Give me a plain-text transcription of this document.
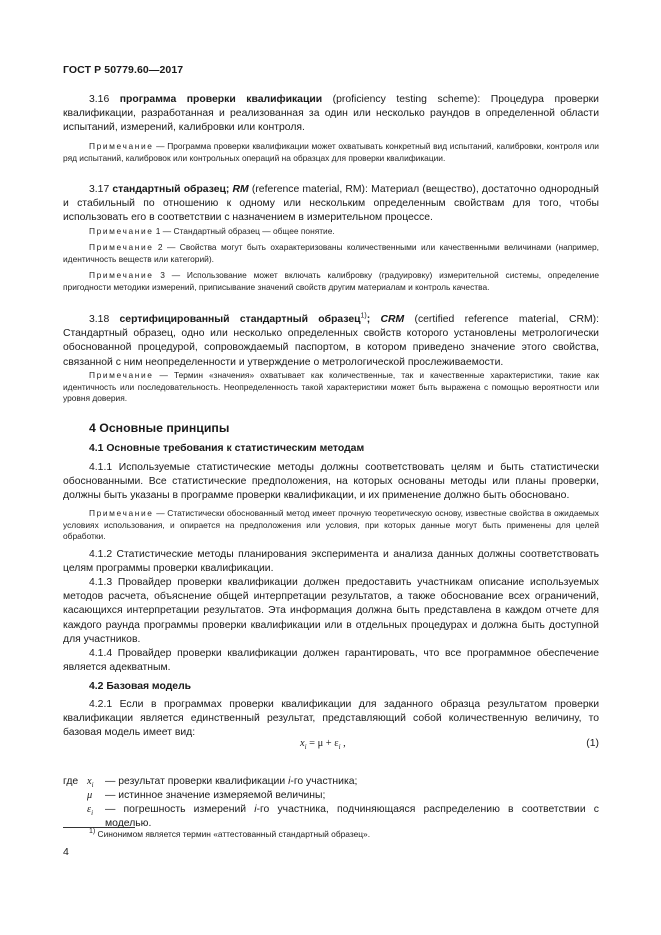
ГОСТ Р 50779.60—2017

3.16 программа проверки квалификации (proficiency testing scheme): Процедура проверки квалификации, разработанная и реализованная за один или несколько раундов в определенной области испытаний, измерений, калибровки или контроля.

Примечание — Программа проверки квалификации может охватывать конкретный вид испытаний, калибровки, контроля или ряд испытаний, калибровок или контрольных операций на образцах для проверки квалификации.

3.17 стандартный образец; RM (reference material, RM): Материал (вещество), достаточно однородный и стабильный по отношению к одному или нескольким определенным свойствам для того, чтобы использовать его в соответствии с назначением в измерительном процессе.

Примечание 1 — Стандартный образец — общее понятие.

Примечание 2 — Свойства могут быть охарактеризованы количественными или качественными величинами (например, идентичность веществ или категорий).

Примечание 3 — Использование может включать калибровку (градуировку) измерительной системы, определение пригодности методики измерений, приписывание значений свойств другим материалам и контроль качества.

3.18 сертифицированный стандартный образец$^{1)}$; CRM (certified reference material, CRM): Стандартный образец, одно или несколько определенных свойств которого установлены метрологически обоснованной процедурой, сопровождаемый паспортом, в котором приведено значение этого свойства, связанной с ним неопределенности и утверждение о метрологической прослеживаемости.

Примечание — Термин «значения» охватывает как количественные, так и качественные характеристики, такие как идентичность или последовательность. Неопределенность такой характеристики может быть выражена с помощью вероятности или уровня доверия.

4 Основные принципы

4.1 Основные требования к статистическим методам

4.1.1 Используемые статистические методы должны соответствовать целям и быть статистически обоснованными. Все статистические предположения, на которых основаны методы или планы проверки, должны быть указаны в программе проверки квалификации, и их применение должно быть обосновано.

Примечание — Статистически обоснованный метод имеет прочную теоретическую основу, известные свойства в ожидаемых условиях использования, и опирается на предположения или условия, при которых данные могут быть применены для целей обработки.

4.1.2 Статистические методы планирования эксперимента и анализа данных должны соответствовать целям программы проверки квалификации.

4.1.3 Провайдер проверки квалификации должен предоставить участникам описание используемых методов расчета, объяснение общей интерпретации результатов, а также обоснование всех ограничений, касающихся интерпретации результатов. Эта информация должна быть представлена в каждом отчете для каждого раунда программы проверки квалификации или в отдельных процедурах и должна быть доступной для участников.

4.1.4 Провайдер проверки квалификации должен гарантировать, что все программное обеспечение является адекватным.

4.2 Базовая модель

4.2.1 Если в программах проверки квалификации для заданного образца результатом проверки квалификации является единственный результат, представляющий собой количественную величину, то базовая модель имеет вид:

$x_i = \mu + \varepsilon_i$ ,	(1)
где $x_i$ — результат проверки квалификации i-го участника;
μ — истинное значение измеряемой величины;
$\varepsilon_i$ — погрешность измерений i-го участника, подчиняющаяся распределению в соответствии с моделью.
$^{1)}$ Синонимом является термин «аттестованный стандартный образец».
4
